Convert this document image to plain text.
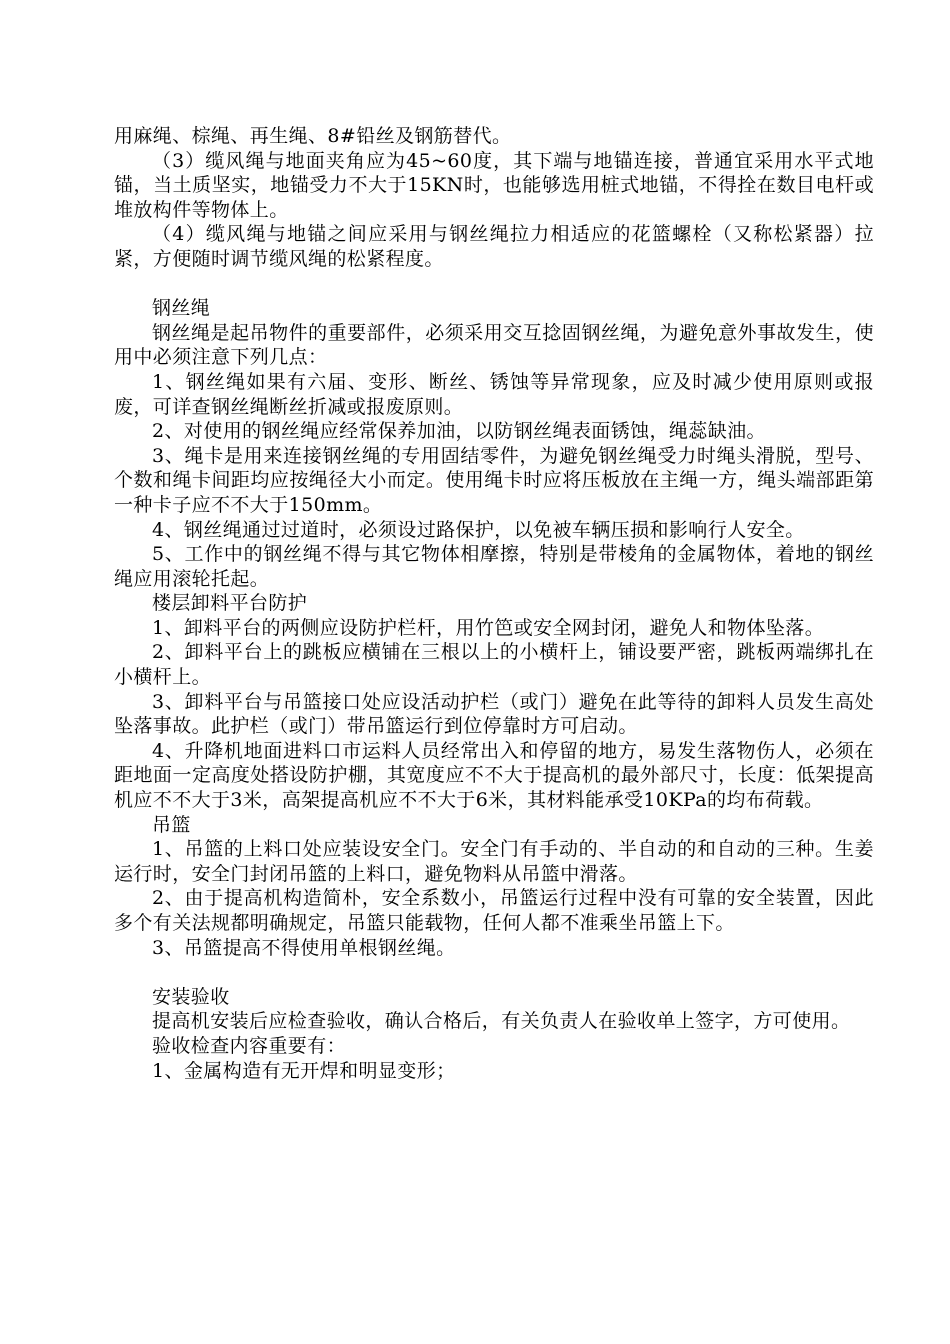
用麻绳、棕绳、再生绳、8#铅丝及钢筋替代。

（3）缆风绳与地面夹角应为45~60度，其下端与地锚连接，普通宜采用水平式地锚，当土质坚实，地锚受力不大于15KN时，也能够选用桩式地锚，不得拴在数目电杆或堆放构件等物体上。

（4）缆风绳与地锚之间应采用与钢丝绳拉力相适应的花篮螺栓（又称松紧器）拉紧，方便随时调节缆风绳的松紧程度。

钢丝绳

钢丝绳是起吊物件的重要部件，必须采用交互捻固钢丝绳，为避免意外事故发生，使用中必须注意下列几点：

1、钢丝绳如果有六届、变形、断丝、锈蚀等异常现象，应及时减少使用原则或报废，可详查钢丝绳断丝折减或报废原则。

2、对使用的钢丝绳应经常保养加油，以防钢丝绳表面锈蚀，绳蕊缺油。

3、绳卡是用来连接钢丝绳的专用固结零件，为避免钢丝绳受力时绳头滑脱，型号、个数和绳卡间距均应按绳径大小而定。使用绳卡时应将压板放在主绳一方，绳头端部距第一种卡子应不不大于150mm。

4、钢丝绳通过过道时，必须设过路保护，以免被车辆压损和影响行人安全。

5、工作中的钢丝绳不得与其它物体相摩擦，特别是带棱角的金属物体，着地的钢丝绳应用滚轮托起。

楼层卸料平台防护

1、卸料平台的两侧应设防护栏杆，用竹笆或安全网封闭，避免人和物体坠落。

2、卸料平台上的跳板应横铺在三根以上的小横杆上，铺设要严密，跳板两端绑扎在小横杆上。

3、卸料平台与吊篮接口处应设活动护栏（或门）避免在此等待的卸料人员发生高处坠落事故。此护栏（或门）带吊篮运行到位停靠时方可启动。

4、升降机地面进料口市运料人员经常出入和停留的地方，易发生落物伤人，必须在距地面一定高度处搭设防护棚，其宽度应不不大于提高机的最外部尺寸，长度：低架提高机应不不大于3米，高架提高机应不不大于6米，其材料能承受10KPa的均布荷载。

吊篮

1、吊篮的上料口处应装设安全门。安全门有手动的、半自动的和自动的三种。生姜运行时，安全门封闭吊篮的上料口，避免物料从吊篮中滑落。

2、由于提高机构造简朴，安全系数小，吊篮运行过程中没有可靠的安全装置，因此多个有关法规都明确规定，吊篮只能载物，任何人都不准乘坐吊篮上下。

3、吊篮提高不得使用单根钢丝绳。

安装验收

提高机安装后应检查验收，确认合格后，有关负责人在验收单上签字，方可使用。

验收检查内容重要有：

1、金属构造有无开焊和明显变形；
